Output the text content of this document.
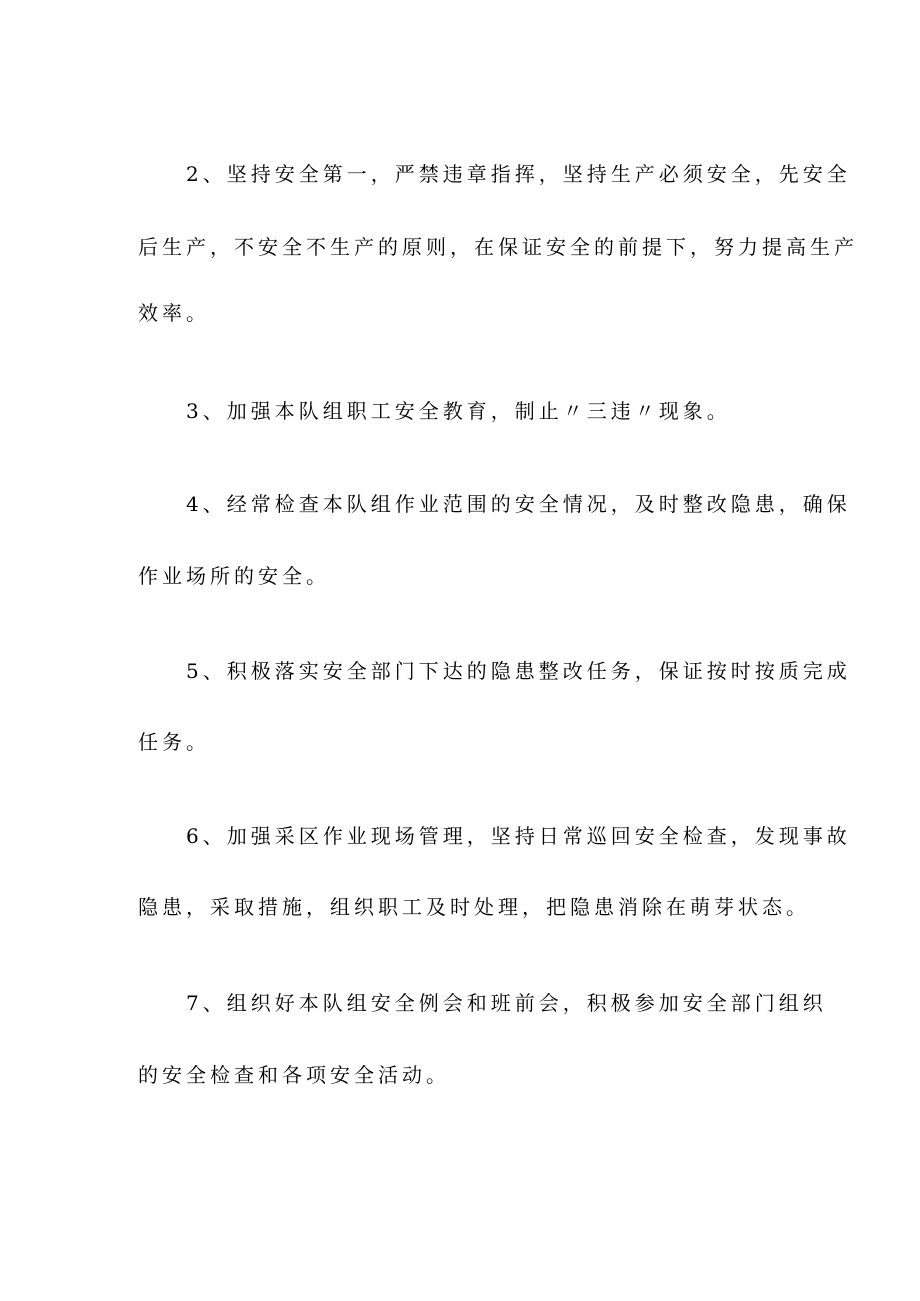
2、坚持安全第一，严禁违章指挥，坚持生产必须安全，先安全
后生产，不安全不生产的原则，在保证安全的前提下，努力提高生产
效率。
3、加强本队组职工安全教育，制止〃三违〃现象。
4、经常检查本队组作业范围的安全情况，及时整改隐患，确保
作业场所的安全。
5、积极落实安全部门下达的隐患整改任务，保证按时按质完成
任务。
6、加强采区作业现场管理，坚持日常巡回安全检查，发现事故
隐患，采取措施，组织职工及时处理，把隐患消除在萌芽状态。
7、组织好本队组安全例会和班前会，积极参加安全部门组织
的安全检查和各项安全活动。
